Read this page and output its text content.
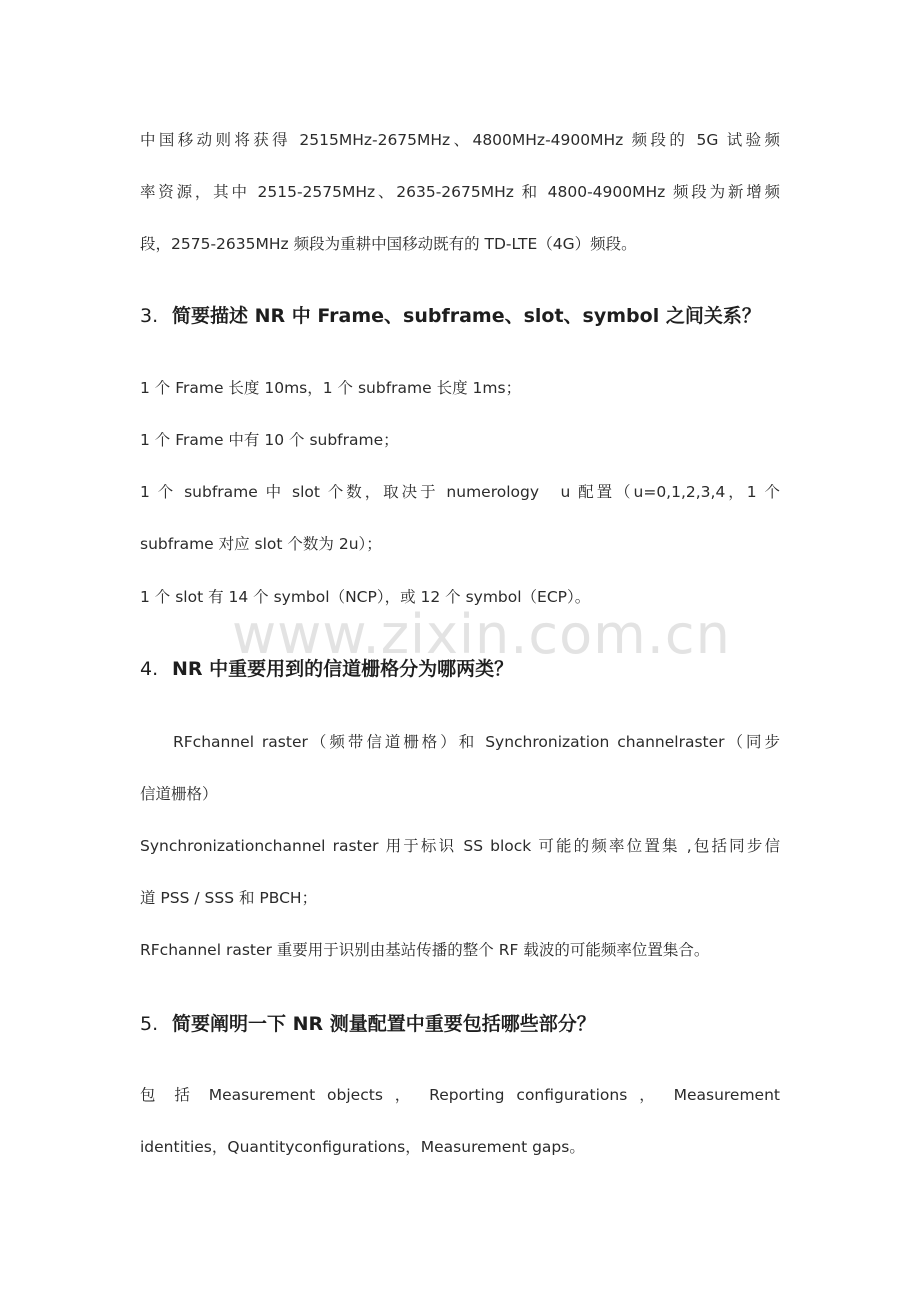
中国移动则将获得 2515MHz-2675MHz、4800MHz-4900MHz 频段的 5G 试验频
率资源，其中 2515-2575MHz、2635-2675MHz 和 4800-4900MHz 频段为新增频
段，2575-2635MHz 频段为重耕中国移动既有的 TD-LTE（4G）频段。
3. 简要描述 NR 中 Frame、subframe、slot、symbol 之间关系？
1 个 Frame 长度 10ms，1 个 subframe 长度 1ms；
1 个 Frame 中有 10 个 subframe；
1 个 subframe 中 slot 个数，取决于 numerology　u 配置（u=0,1,2,3,4，1 个
subframe 对应 slot 个数为 2u）；
1 个 slot 有 14 个 symbol（NCP），或 12 个 symbol（ECP）。
www.zixin.com.cn
4. NR 中重要用到的信道栅格分为哪两类？
RFchannel raster（频带信道栅格）和 Synchronization channelraster（同步
信道栅格）
Synchronizationchannel raster 用于标识 SS block 可能的频率位置集 ,包括同步信
道 PSS / SSS 和 PBCH；
RFchannel raster 重要用于识别由基站传播的整个 RF 载波的可能频率位置集合。
5. 简要阐明一下 NR 测量配置中重要包括哪些部分？
包 括 Measurement objects ， Reporting configurations ， Measurement
identities，Quantityconfigurations，Measurement gaps。
